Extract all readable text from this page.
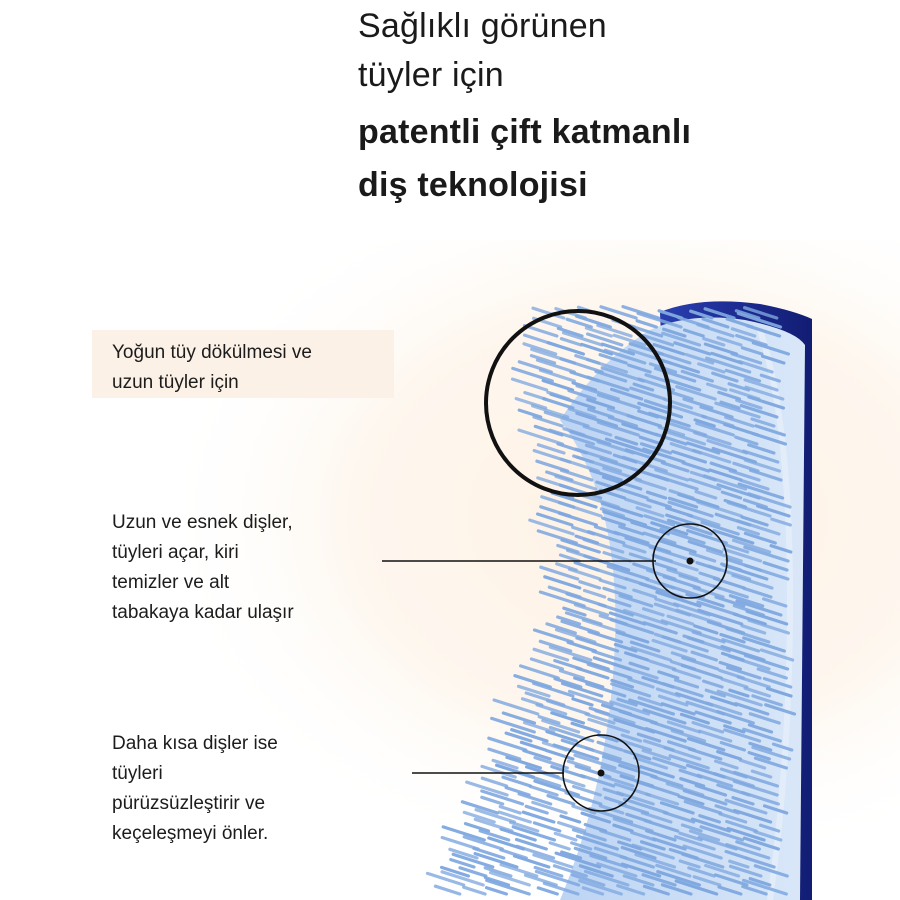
Sağlıklı görünen
tüyler için
patentli çift katmanlı
diş teknolojisi
Yoğun tüy dökülmesi ve
uzun tüyler için
Uzun ve esnek dişler,
tüyleri açar, kiri
temizler ve alt
tabakaya kadar ulaşır
Daha kısa dişler ise
tüyleri
pürüzsüzleştirir ve
keçeleşmeyi önler.
